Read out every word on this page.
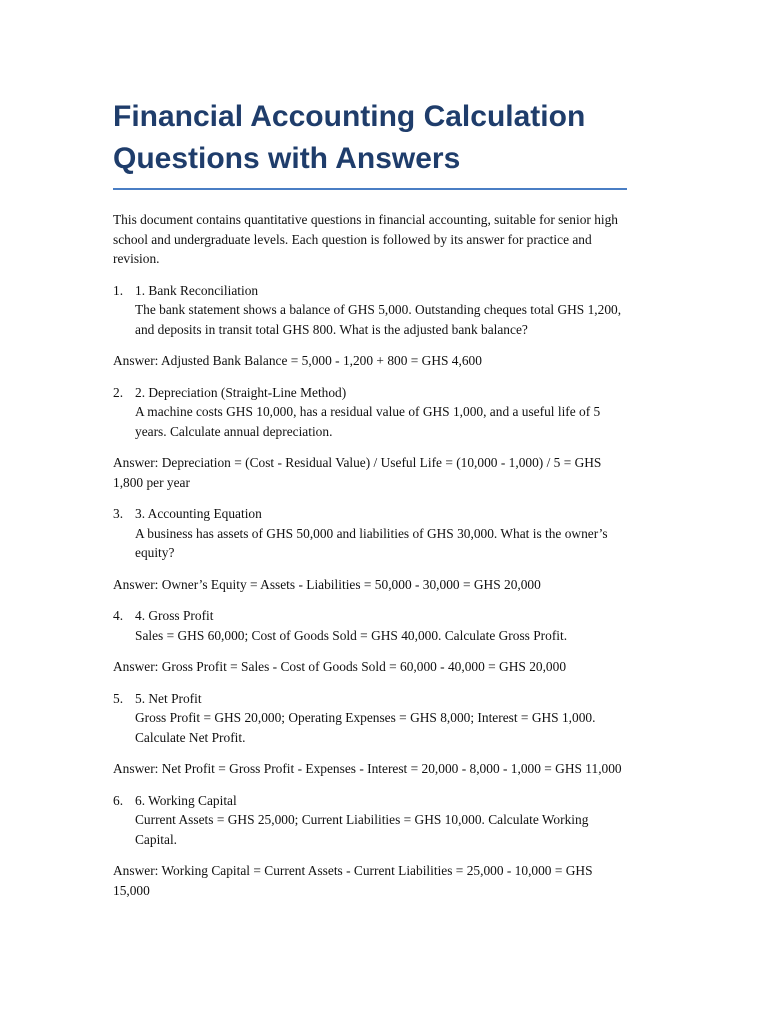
Financial Accounting Calculation Questions with Answers

This document contains quantitative questions in financial accounting, suitable for senior high school and undergraduate levels. Each question is followed by its answer for practice and revision.

1. 1. Bank Reconciliation
The bank statement shows a balance of GHS 5,000. Outstanding cheques total GHS 1,200, and deposits in transit total GHS 800. What is the adjusted bank balance?

Answer: Adjusted Bank Balance = 5,000 - 1,200 + 800 = GHS 4,600

2. 2. Depreciation (Straight-Line Method)
A machine costs GHS 10,000, has a residual value of GHS 1,000, and a useful life of 5 years. Calculate annual depreciation.

Answer: Depreciation = (Cost - Residual Value) / Useful Life = (10,000 - 1,000) / 5 = GHS 1,800 per year

3. 3. Accounting Equation
A business has assets of GHS 50,000 and liabilities of GHS 30,000. What is the owner’s equity?

Answer: Owner’s Equity = Assets - Liabilities = 50,000 - 30,000 = GHS 20,000

4. 4. Gross Profit
Sales = GHS 60,000; Cost of Goods Sold = GHS 40,000. Calculate Gross Profit.

Answer: Gross Profit = Sales - Cost of Goods Sold = 60,000 - 40,000 = GHS 20,000

5. 5. Net Profit
Gross Profit = GHS 20,000; Operating Expenses = GHS 8,000; Interest = GHS 1,000. Calculate Net Profit.

Answer: Net Profit = Gross Profit - Expenses - Interest = 20,000 - 8,000 - 1,000 = GHS 11,000

6. 6. Working Capital
Current Assets = GHS 25,000; Current Liabilities = GHS 10,000. Calculate Working Capital.

Answer: Working Capital = Current Assets - Current Liabilities = 25,000 - 10,000 = GHS 15,000
